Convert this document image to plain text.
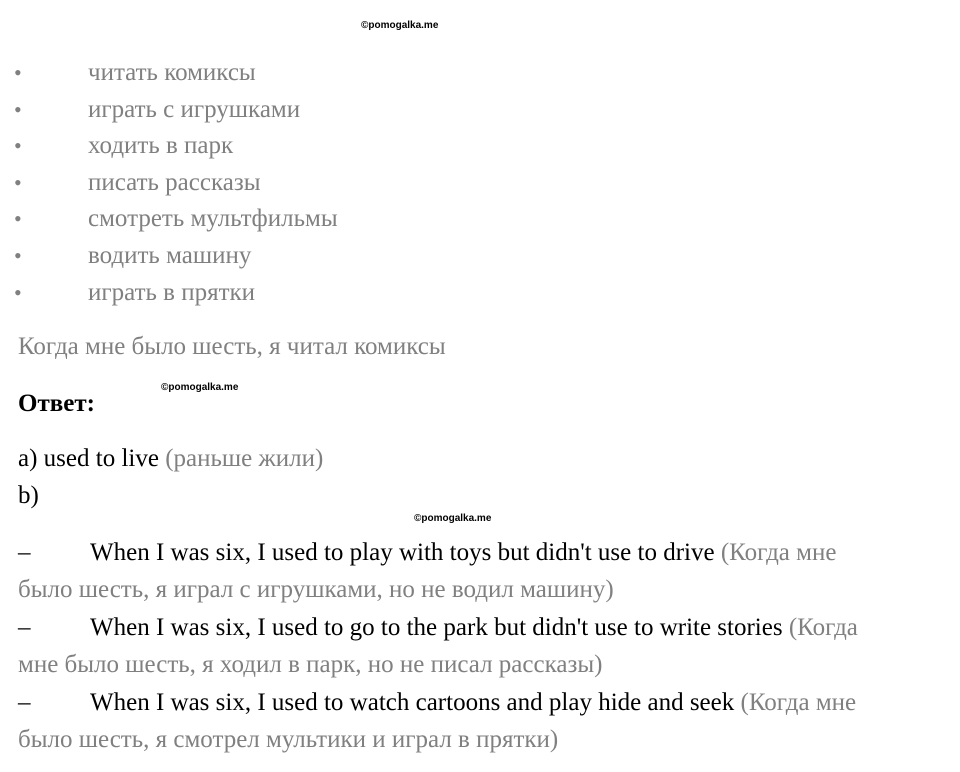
©pomogalka.me
•	читать комиксы
•	играть с игрушками
•	ходить в парк
•	писать рассказы
•	смотреть мультфильмы
•	водить машину
•	играть в прятки
Когда мне было шесть, я читал комиксы
Ответ:
©pomogalka.me
a) used to live (раньше жили)
b)
©pomogalka.me
– When I was six, I used to play with toys but didn't use to drive (Когда мне
было шесть, я играл с игрушками, но не водил машину)
– When I was six, I used to go to the park but didn't use to write stories (Когда
мне было шесть, я ходил в парк, но не писал рассказы)
– When I was six, I used to watch cartoons and play hide and seek (Когда мне
было шесть, я смотрел мультики и играл в прятки)
